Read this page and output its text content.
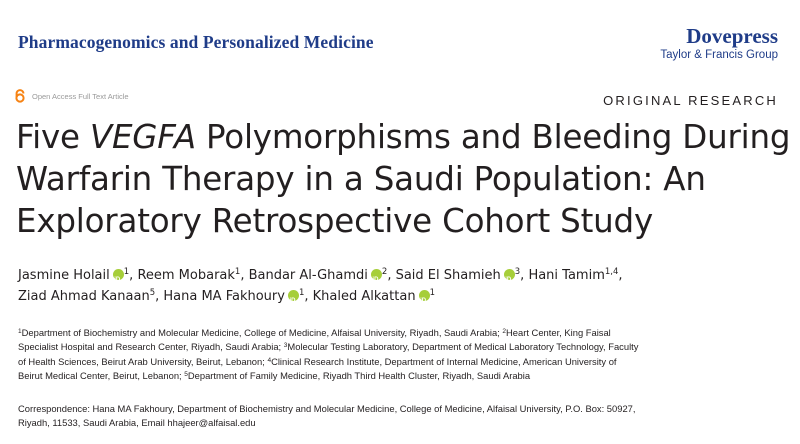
Pharmacogenomics and Personalized Medicine	Dovepress
Taylor & Francis Group
Open Access Full Text Article	ORIGINAL RESEARCH
Five VEGFA Polymorphisms and Bleeding During
Warfarin Therapy in a Saudi Population: An
Exploratory Retrospective Cohort Study
Jasmine Holail iD $^1$, Reem Mobarak$^1$, Bandar Al-Ghamdi iD $^2$, Said El Shamieh iD $^3$, Hani Tamim$^{1,4}$,
Ziad Ahmad Kanaan$^5$, Hana MA Fakhoury iD $^1$, Khaled Alkattan iD $^1$
$^1$Department of Biochemistry and Molecular Medicine, College of Medicine, Alfaisal University, Riyadh, Saudi Arabia; $^2$Heart Center, King Faisal
Specialist Hospital and Research Center, Riyadh, Saudi Arabia; $^3$Molecular Testing Laboratory, Department of Medical Laboratory Technology, Faculty
of Health Sciences, Beirut Arab University, Beirut, Lebanon; $^4$Clinical Research Institute, Department of Internal Medicine, American University of
Beirut Medical Center, Beirut, Lebanon; $^5$Department of Family Medicine, Riyadh Third Health Cluster, Riyadh, Saudi Arabia
Correspondence: Hana MA Fakhoury, Department of Biochemistry and Molecular Medicine, College of Medicine, Alfaisal University, P.O. Box: 50927,
Riyadh, 11533, Saudi Arabia, Email hhajeer@alfaisal.edu
